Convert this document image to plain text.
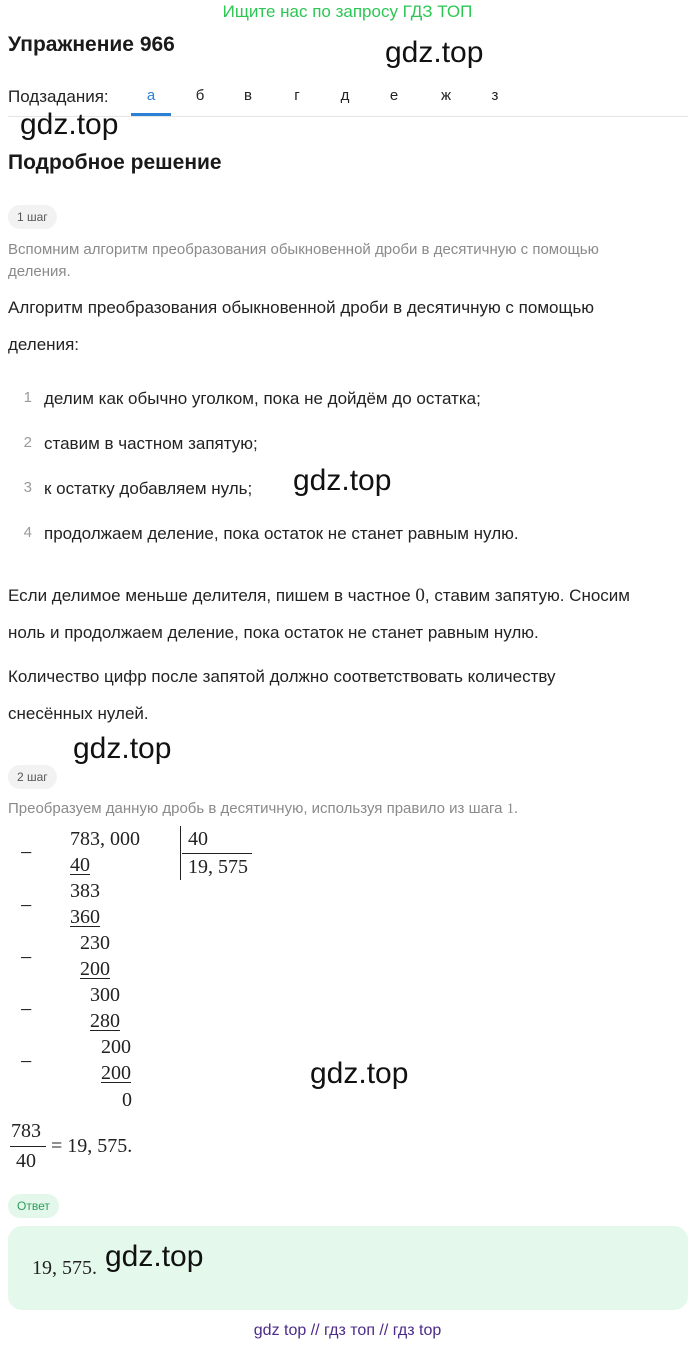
Ищите нас по запросу ГДЗ ТОП
Упражнение 966	gdz.top
Подзадания:	а	б	в	г	д	е	ж	з
gdz.top
Подробное решение
1 шаг
Вспомним алгоритм преобразования обыкновенной дроби в десятичную с помощью
деления.
Алгоритм преобразования обыкновенной дроби в десятичную с помощью
деления:
1 делим как обычно уголком, пока не дойдём до остатка;
2 ставим в частном запятую;
3 к остатку добавляем нуль; gdz.top
4 продолжаем деление, пока остаток не станет равным нулю.
Если делимое меньше делителя, пишем в частное 0, ставим запятую. Сносим
ноль и продолжаем деление, пока остаток не станет равным нулю.
Количество цифр после запятой должно соответствовать количеству
снесённых нулей.
gdz.top
2 шаг
Преобразуем данную дробь в десятичную, используя правило из шага 1.
−
−
−
−
−
783, 000 40
19, 575
40
383
360
230
200
300
280
200
200
0
gdz.top
783
40
= 19, 575.
Ответ
19, 575. gdz.top
gdz top // гдз топ // гдз top
